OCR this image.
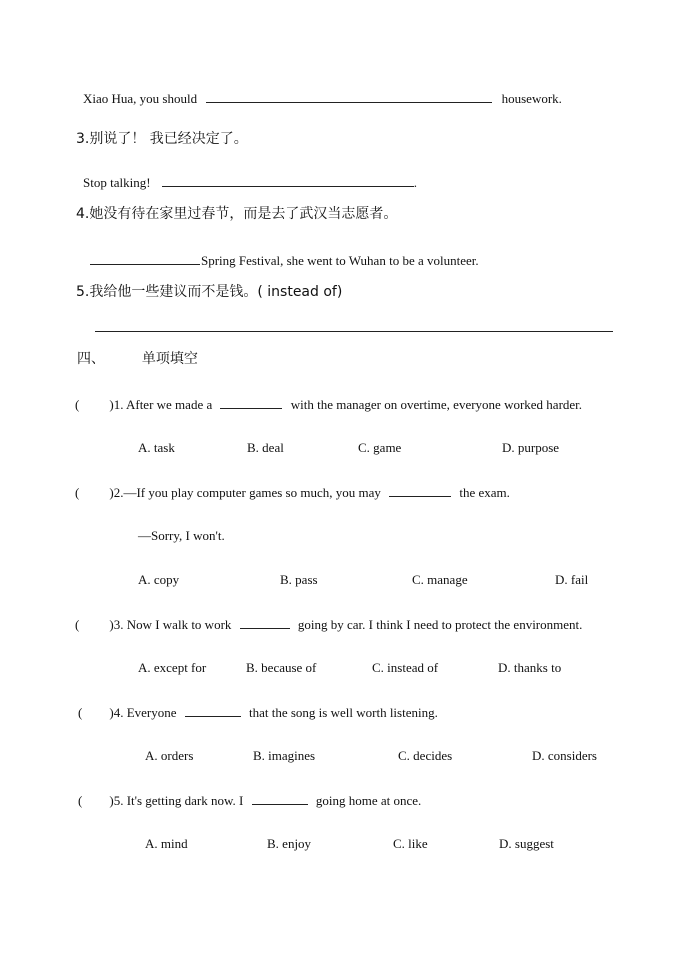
Xiao Hua, you should	housework.
3.别说了！ 我已经决定了。
Stop talking!	.
4.她没有待在家里过春节，而是去了武汉当志愿者。
Spring Festival, she went to Wuhan to be a volunteer.
5.我给他一些建议而不是钱。( instead of)
四、	单项填空
( )1. After we made a	with the manager on overtime, everyone worked harder.
A. task	B. deal	C. game	D. purpose
( )2.—If you play computer games so much, you may	the exam.
—Sorry, I won't.
A. copy	B. pass	C. manage	D. fail
( )3. Now I walk to work	going by car. I think I need to protect the environment.
A. except for	B. because of	C. instead of	D. thanks to
( )4. Everyone	that the song is well worth listening.
A. orders	B. imagines	C. decides	D. considers
( )5. It's getting dark now. I	going home at once.
A. mind	B. enjoy	C. like	D. suggest
